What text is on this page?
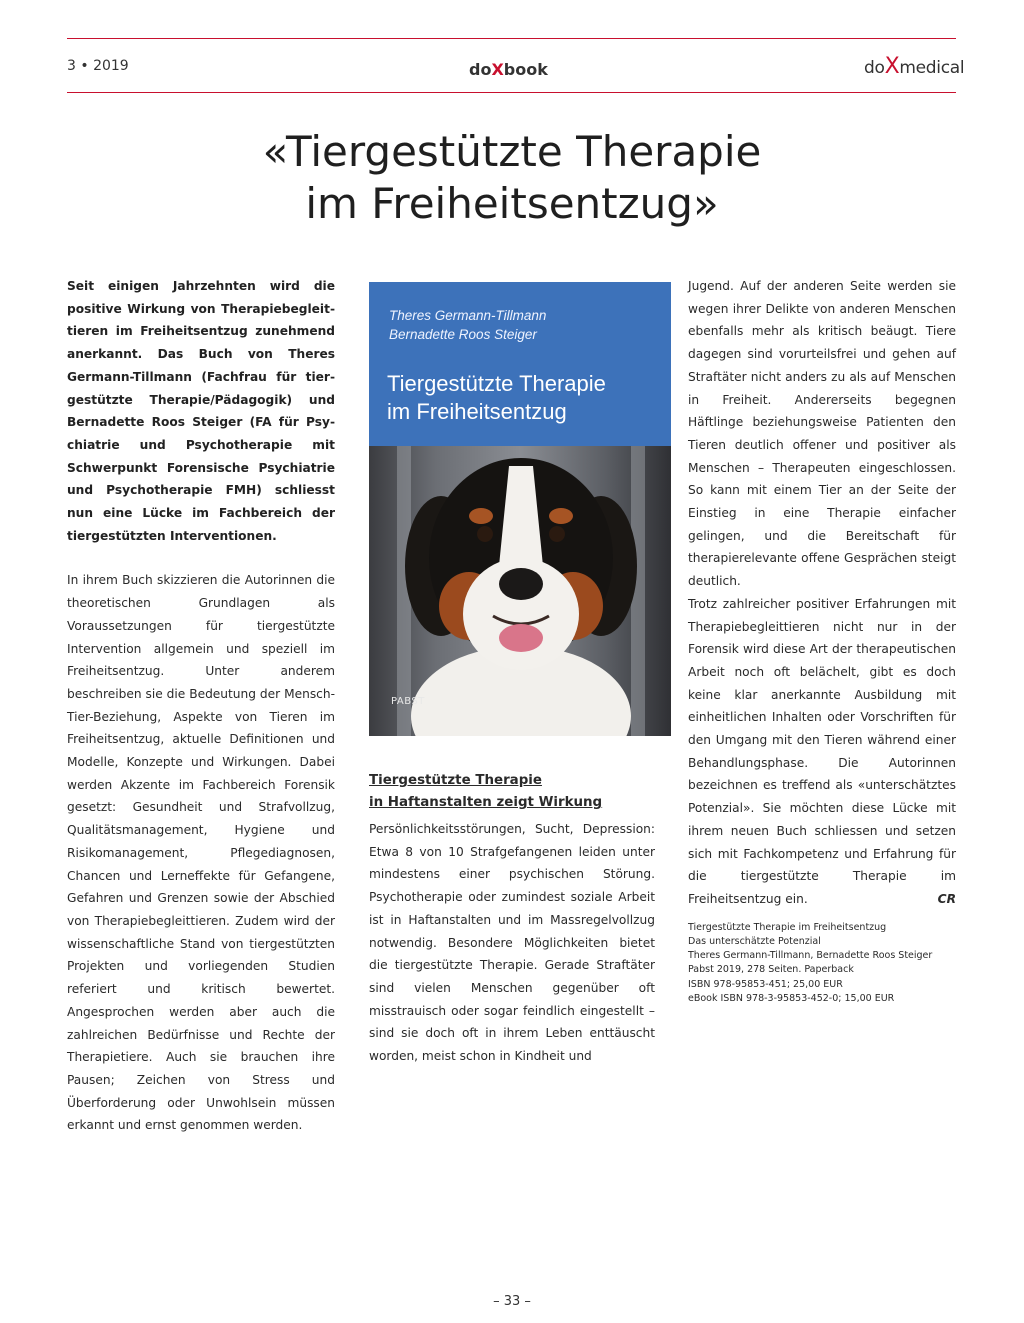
3 • 2019	doXbook	doXmedical
«Tiergestützte Therapie
im Freiheitsentzug»

Seit einigen Jahrzehnten wird die positive Wirkung von Therapiebegleittieren im Freiheitsentzug zunehmend anerkannt. Das Buch von Theres Germann-Tillmann (Fachfrau für tiergestützte Therapie/Pädagogik) und Bernadette Roos Steiger (FA für Psychiatrie und Psychotherapie mit Schwerpunkt Forensische Psychiatrie und Psychotherapie FMH) schliesst nun eine Lücke im Fachbereich der tiergestützten Interventionen.

In ihrem Buch skizzieren die Autorinnen die theoretischen Grundlagen als Voraussetzungen für tiergestützte Intervention allgemein und speziell im Freiheitsentzug. Unter anderem beschreiben sie die Bedeutung der Mensch-Tier-Beziehung, Aspekte von Tieren im Freiheitsentzug, aktuelle Definitionen und Modelle, Konzepte und Wirkungen. Dabei werden Akzente im Fachbereich Forensik gesetzt: Gesundheit und Strafvollzug, Qualitätsmanagement, Hygiene und Risikomanagement, Pflegediagnosen, Chancen und Lerneffekte für Gefangene, Gefahren und Grenzen sowie der Abschied von Therapiebegleittieren. Zudem wird der wissenschaftliche Stand von tiergestützten Projekten und vorliegenden Studien referiert und kritisch bewertet. Angesprochen werden aber auch die zahlreichen Bedürfnisse und Rechte der Therapietiere. Auch sie brauchen ihre Pausen; Zeichen von Stress und Überforderung oder Unwohlsein müssen erkannt und ernst genommen werden.

Theres Germann-Tillmann
Bernadette Roos Steiger
Tiergestützte Therapie
im Freiheitsentzug
PABST
Tiergestützte Therapie
in Haftanstalten zeigt Wirkung

Persönlichkeitsstörungen, Sucht, Depression: Etwa 8 von 10 Strafgefangenen leiden unter mindestens einer psychischen Störung. Psychotherapie oder zumindest soziale Arbeit ist in Haftanstalten und im Massregelvollzug notwendig. Besondere Möglichkeiten bietet die tiergestützte Therapie. Gerade Straftäter sind vielen Menschen gegenüber oft misstrauisch oder sogar feindlich eingestellt – sind sie doch oft in ihrem Leben enttäuscht worden, meist schon in Kindheit und

Jugend. Auf der anderen Seite werden sie wegen ihrer Delikte von anderen Menschen ebenfalls mehr als kritisch beäugt. Tiere dagegen sind vorurteilsfrei und gehen auf Straftäter nicht anders zu als auf Menschen in Freiheit. Andererseits begegnen Häftlinge beziehungsweise Patienten den Tieren deutlich offener und positiver als Menschen – Therapeuten eingeschlossen. So kann mit einem Tier an der Seite der Einstieg in eine Therapie einfacher gelingen, und die Bereitschaft für therapierelevante offene Gesprächen steigt deutlich.

Trotz zahlreicher positiver Erfahrungen mit Therapiebegleittieren nicht nur in der Forensik wird diese Art der therapeutischen Arbeit noch oft belächelt, gibt es doch keine klar anerkannte Ausbildung mit einheitlichen Inhalten oder Vorschriften für den Umgang mit den Tieren während einer Behandlungsphase. Die Autorinnen bezeichnen es treffend als «unterschätztes Potenzial». Sie möchten diese Lücke mit ihrem neuen Buch schliessen und setzen sich mit Fachkompetenz und Erfahrung für die tiergestützte Therapie im Freiheitsentzug ein.	CR

Tiergestützte Therapie im Freiheitsentzug
Das unterschätzte Potenzial
Theres Germann-Tillmann, Bernadette Roos Steiger
Pabst 2019, 278 Seiten. Paperback
ISBN 978-95853-451; 25,00 EUR
eBook ISBN 978-3-95853-452-0; 15,00 EUR

– 33 –
